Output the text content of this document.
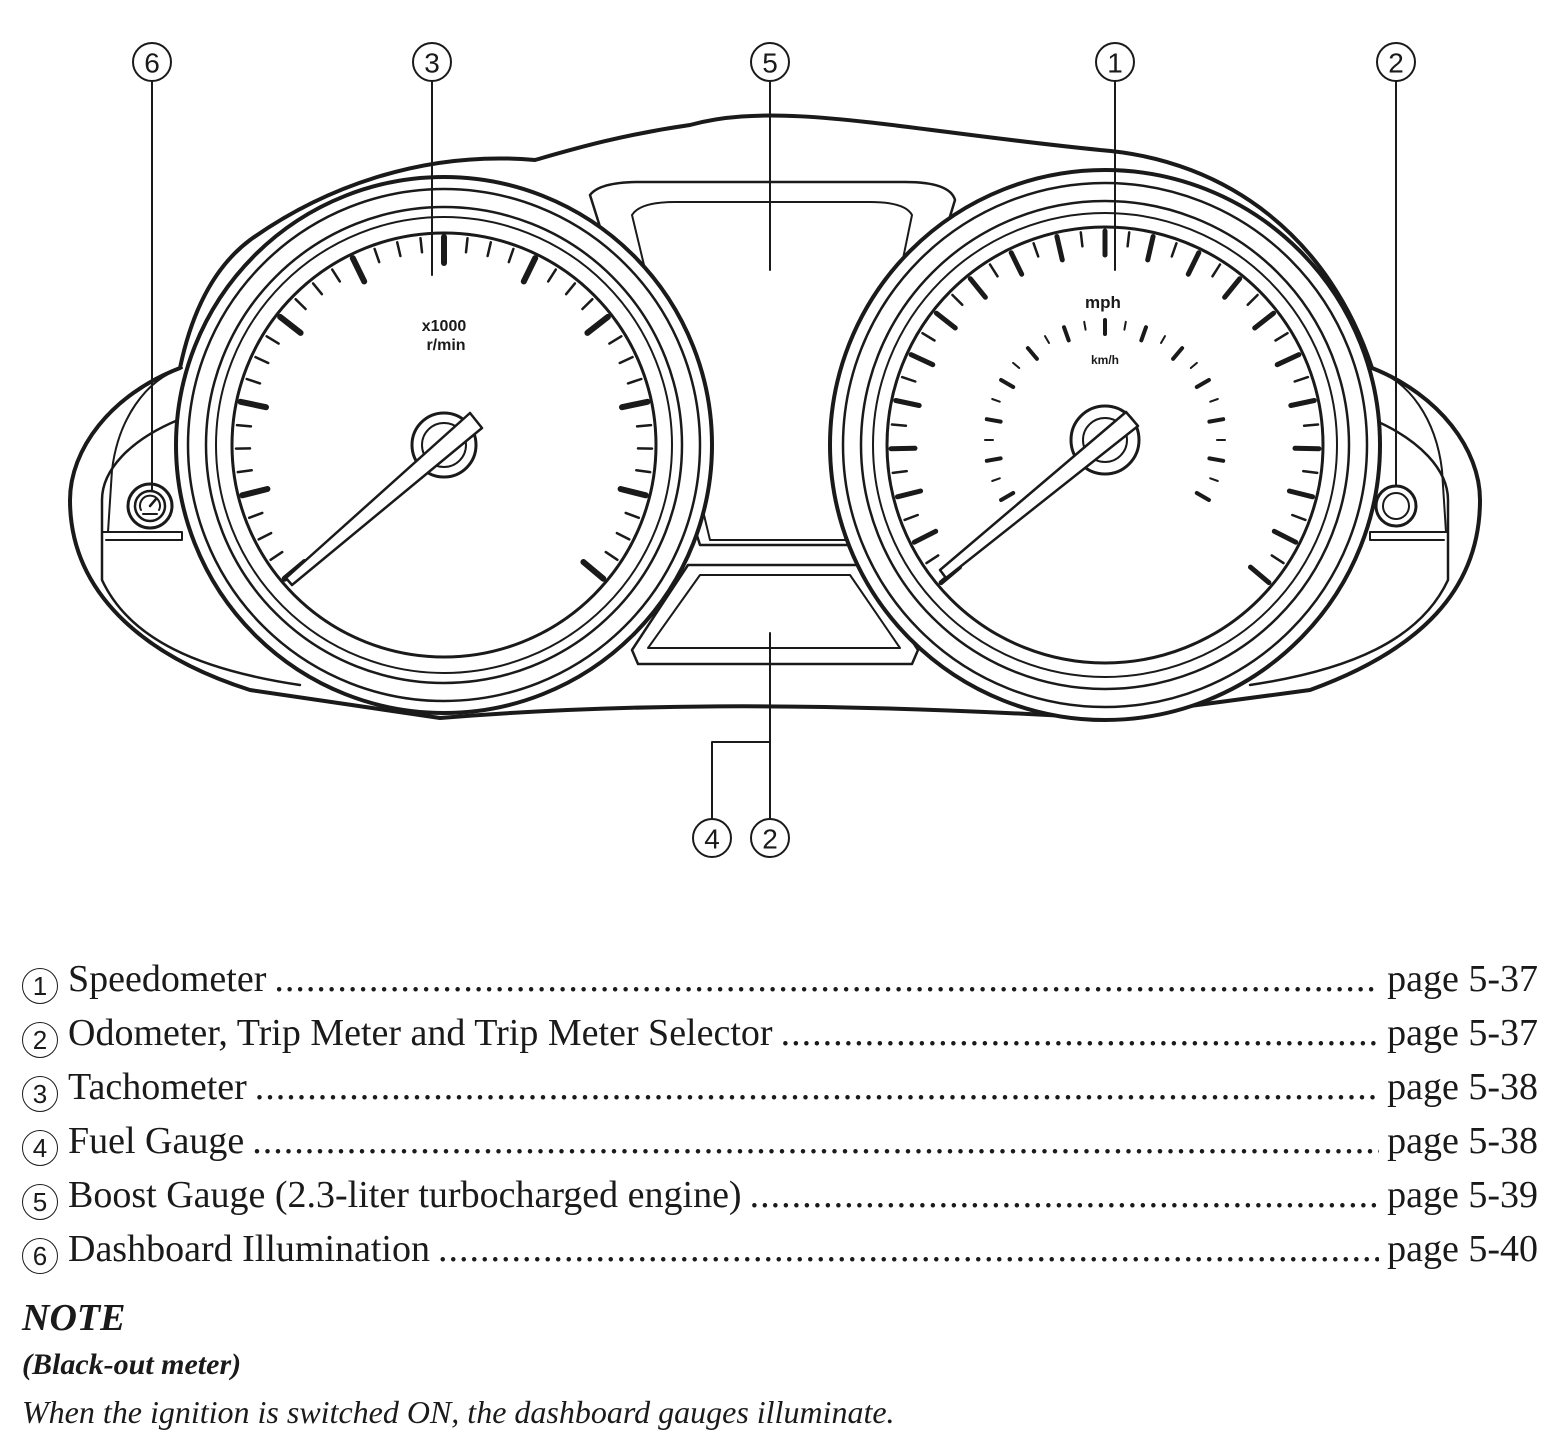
x1000
r/min
mph
km/h
6	3	5	1	2
4 2
1 Speedometer .....	page 5-37
2 Odometer, Trip Meter and Trip Meter Selector .....	page 5-37
3 Tachometer .....	page 5-38
4 Fuel Gauge .....	page 5-38
5 Boost Gauge (2.3-liter turbocharged engine) .....	page 5-39
6 Dashboard Illumination .....	page 5-40
NOTE
(Black-out meter)
When the ignition is switched ON, the dashboard gauges illuminate.
